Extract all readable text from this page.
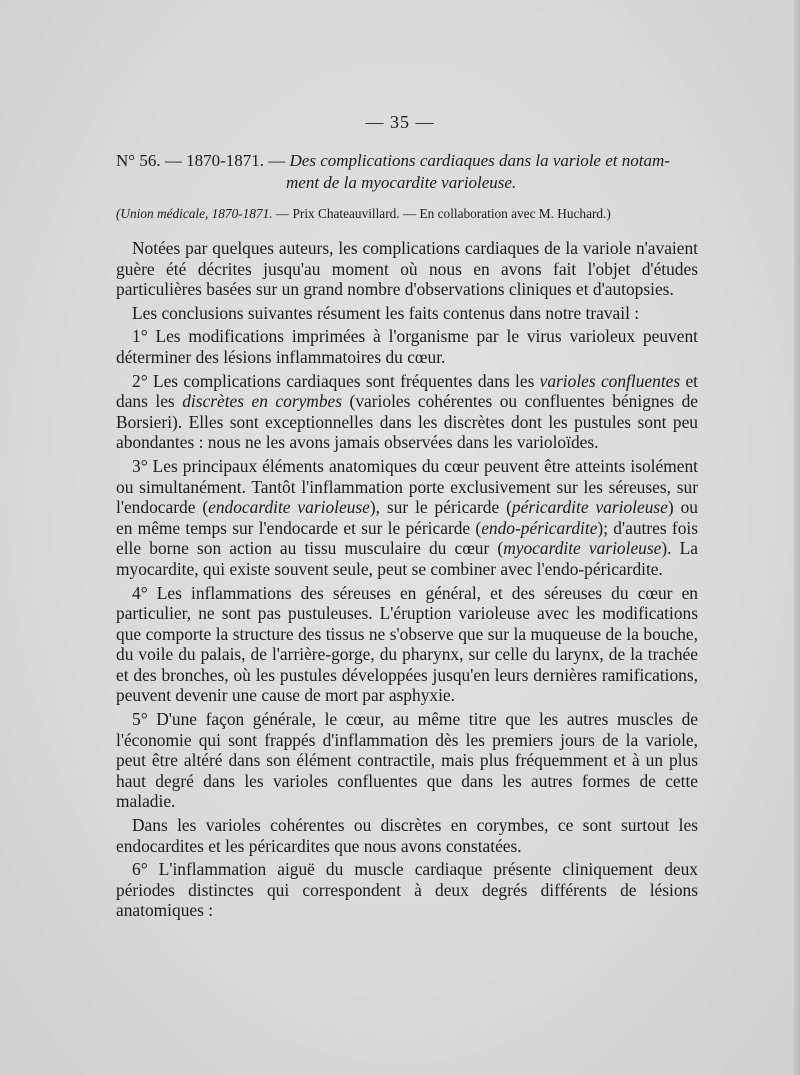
— 35 —
N° 56. — 1870-1871. — Des complications cardiaques dans la variole et notam-
ment de la myocardite varioleuse.
(Union médicale, 1870-1871. — Prix Chateauvillard. — En collaboration avec M. Huchard.)

Notées par quelques auteurs, les complications cardiaques de la variole n'avaient guère été décrites jusqu'au moment où nous en avons fait l'objet d'études particulières basées sur un grand nombre d'observations cliniques et d'autopsies.

Les conclusions suivantes résument les faits contenus dans notre travail :

1° Les modifications imprimées à l'organisme par le virus varioleux peuvent déterminer des lésions inflammatoires du cœur.

2° Les complications cardiaques sont fréquentes dans les varioles confluentes et dans les discrètes en corymbes (varioles cohérentes ou confluentes bénignes de Borsieri). Elles sont exceptionnelles dans les discrètes dont les pustules sont peu abondantes : nous ne les avons jamais observées dans les varioloïdes.

3° Les principaux éléments anatomiques du cœur peuvent être atteints isolément ou simultanément. Tantôt l'inflammation porte exclusivement sur les séreuses, sur l'endocarde (endocardite varioleuse), sur le péricarde (péricardite varioleuse) ou en même temps sur l'endocarde et sur le péricarde (endo-péricardite); d'autres fois elle borne son action au tissu musculaire du cœur (myocardite varioleuse). La myocardite, qui existe souvent seule, peut se combiner avec l'endo-péricardite.

4° Les inflammations des séreuses en général, et des séreuses du cœur en particulier, ne sont pas pustuleuses. L'éruption varioleuse avec les modifications que comporte la structure des tissus ne s'observe que sur la muqueuse de la bouche, du voile du palais, de l'arrière-gorge, du pharynx, sur celle du larynx, de la trachée et des bronches, où les pustules développées jusqu'en leurs dernières ramifications, peuvent devenir une cause de mort par asphyxie.

5° D'une façon générale, le cœur, au même titre que les autres muscles de l'économie qui sont frappés d'inflammation dès les premiers jours de la variole, peut être altéré dans son élément contractile, mais plus fréquemment et à un plus haut degré dans les varioles confluentes que dans les autres formes de cette maladie.

Dans les varioles cohérentes ou discrètes en corymbes, ce sont surtout les endocardites et les péricardites que nous avons constatées.

6° L'inflammation aiguë du muscle cardiaque présente cliniquement deux périodes distinctes qui correspondent à deux degrés différents de lésions anatomiques :
